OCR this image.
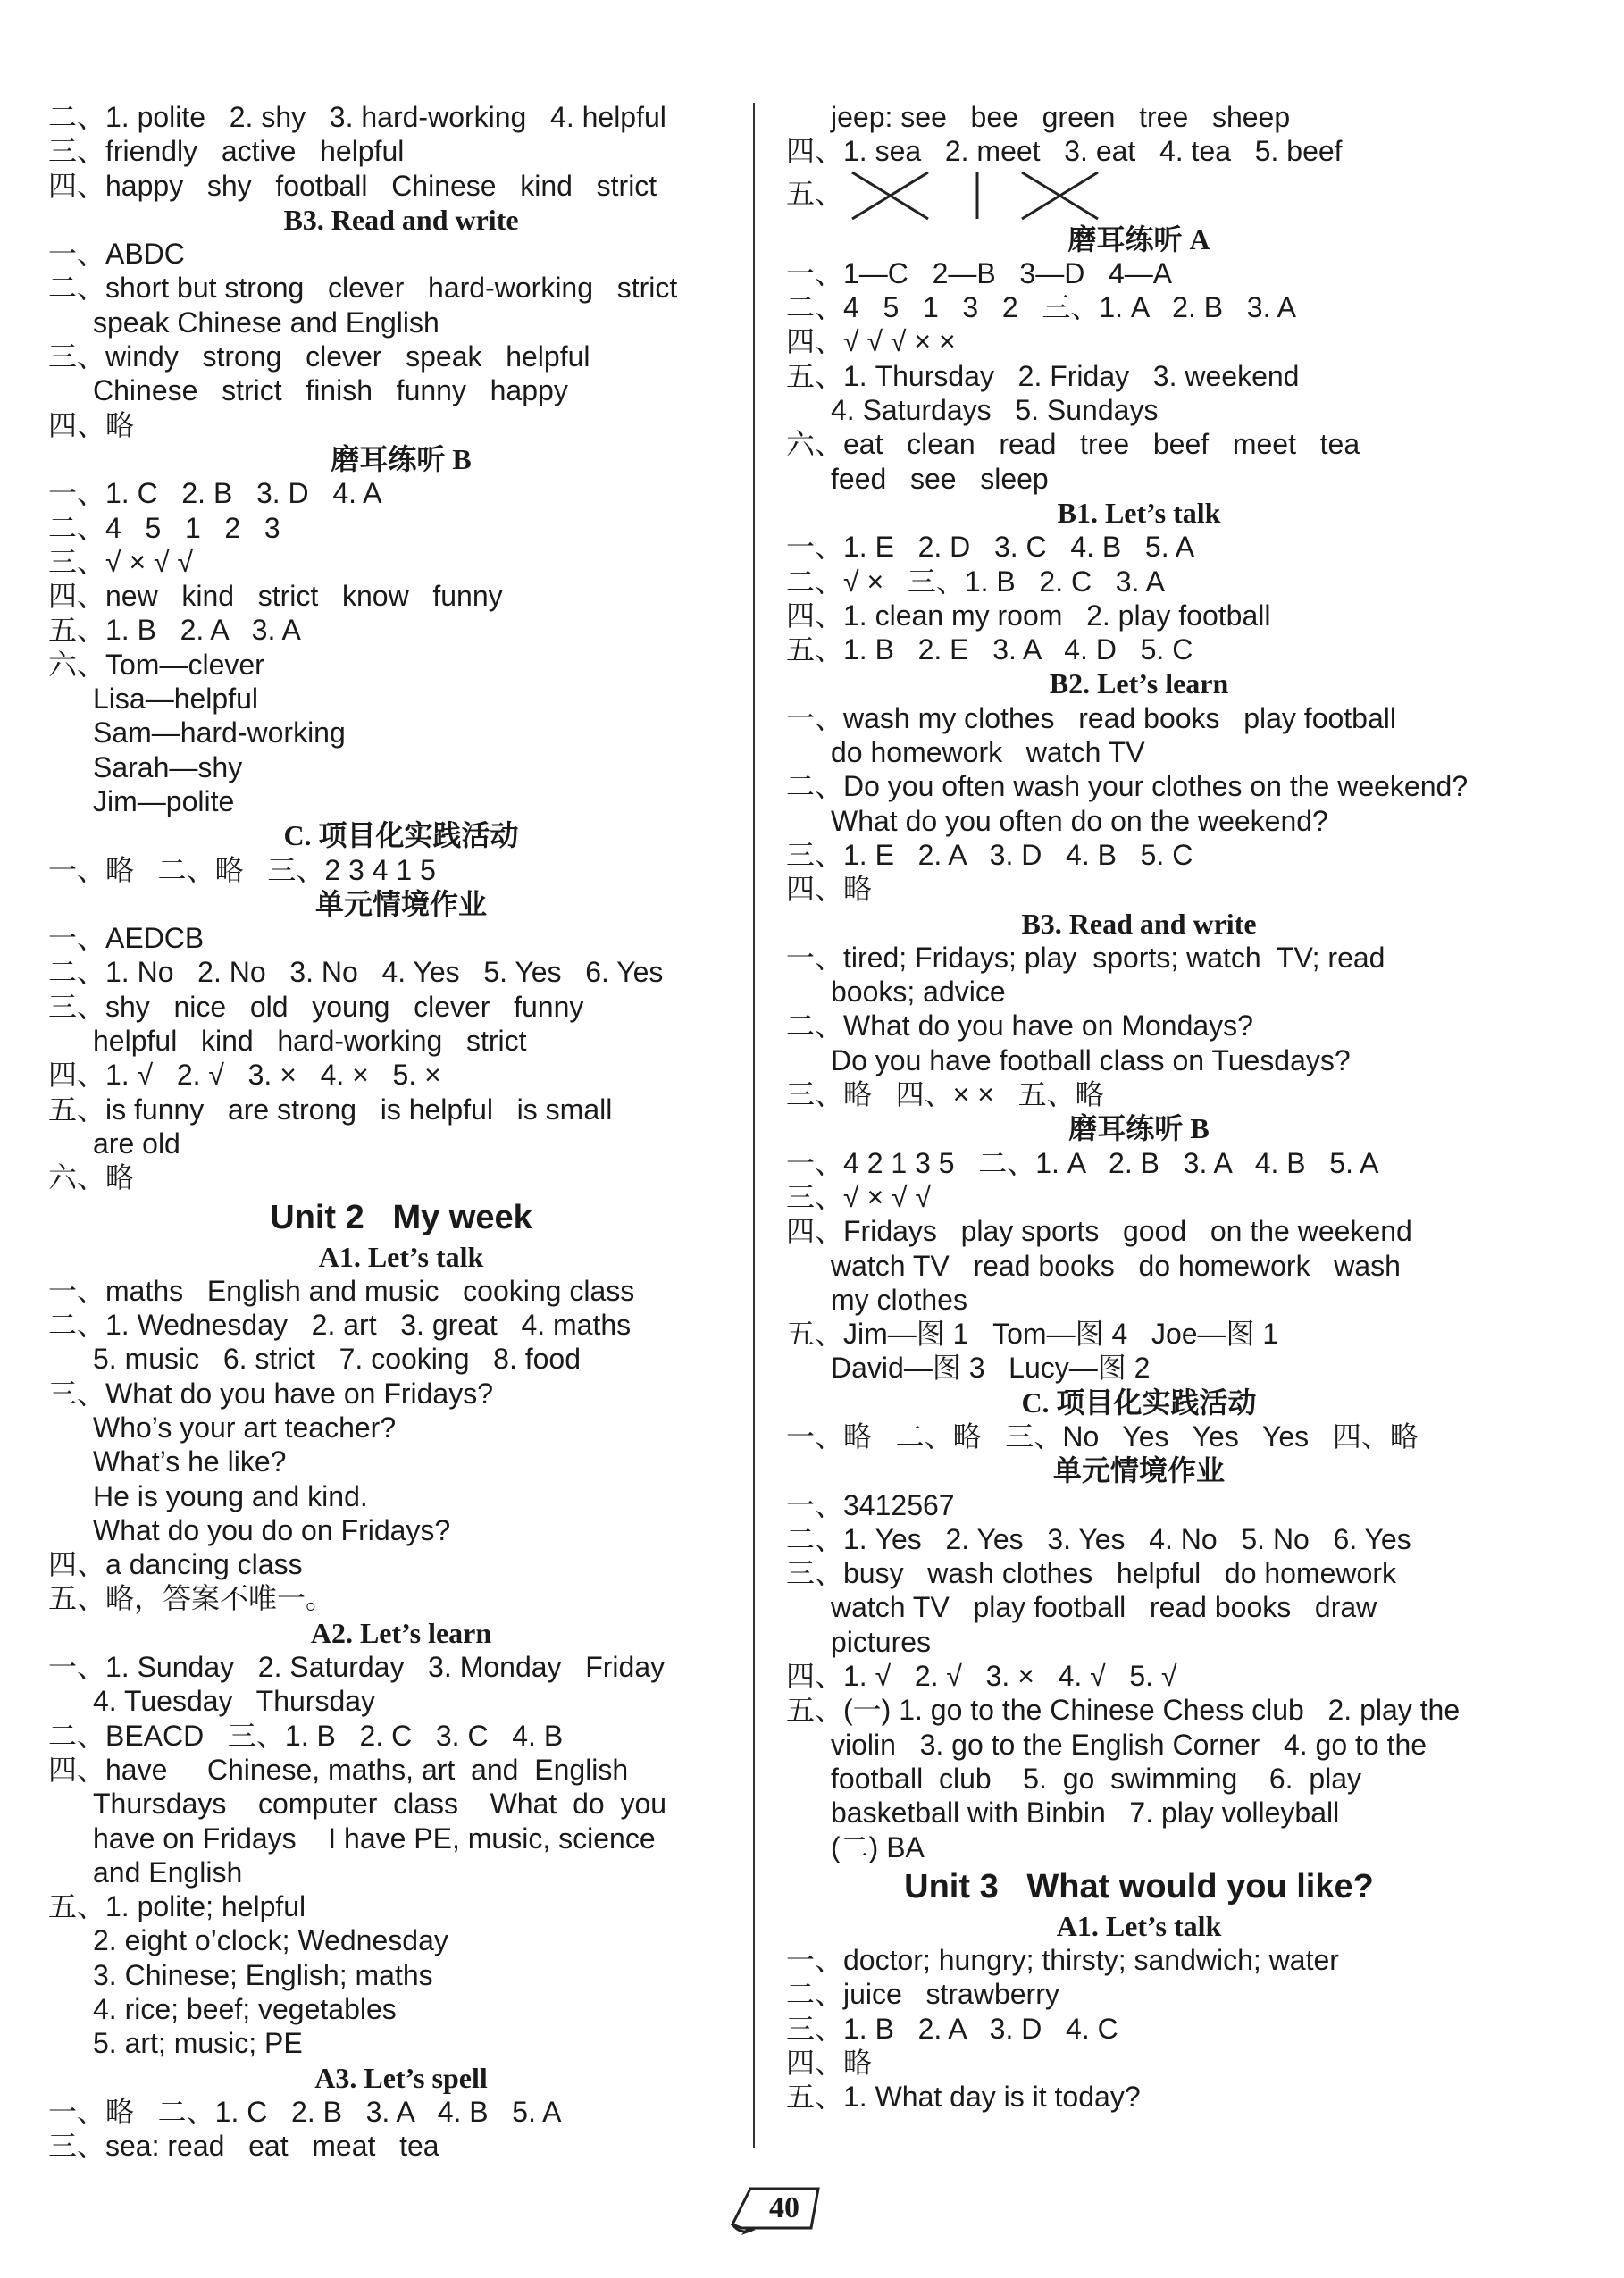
二、1. polite   2. shy   3. hard-working   4. helpful
三、friendly   active   helpful
四、happy   shy   football   Chinese   kind   strict
B3. Read and write
一、ABDC
二、short but strong   clever   hard-working   strict
speak Chinese and English
三、windy   strong   clever   speak   helpful
Chinese   strict   finish   funny   happy
四、略
磨耳练听 B
一、1. C   2. B   3. D   4. A
二、4   5   1   2   3
三、√ × √ √
四、new   kind   strict   know   funny
五、1. B   2. A   3. A
六、Tom—clever
Lisa—helpful
Sam—hard-working
Sarah—shy
Jim—polite
C. 项目化实践活动
一、略   二、略   三、2 3 4 1 5
单元情境作业
一、AEDCB
二、1. No   2. No   3. No   4. Yes   5. Yes   6. Yes
三、shy   nice   old   young   clever   funny
helpful   kind   hard-working   strict
四、1. √   2. √   3. ×   4. ×   5. ×
五、is funny   are strong   is helpful   is small
are old
六、略
Unit 2   My week
A1. Let’s talk
一、maths   English and music   cooking class
二、1. Wednesday   2. art   3. great   4. maths
5. music   6. strict   7. cooking   8. food
三、What do you have on Fridays?
Who’s your art teacher?
What’s he like?
He is young and kind.
What do you do on Fridays?
四、a dancing class
五、略，答案不唯一。
A2. Let’s learn
一、1. Sunday   2. Saturday   3. Monday   Friday
4. Tuesday   Thursday
二、BEACD   三、1. B   2. C   3. C   4. B
四、have     Chinese, maths, art  and  English
Thursdays    computer  class    What  do  you
have on Fridays    I have PE, music, science
and English
五、1. polite; helpful
2. eight o’clock; Wednesday
3. Chinese; English; maths
4. rice; beef; vegetables
5. art; music; PE
A3. Let’s spell
一、略   二、1. C   2. B   3. A   4. B   5. A
三、sea: read   eat   meat   tea
jeep: see   bee   green   tree   sheep
四、1. sea   2. meet   3. eat   4. tea   5. beef
五、
磨耳练听 A
一、1—C   2—B   3—D   4—A
二、4   5   1   3   2   三、1. A   2. B   3. A
四、√ √ √ × ×
五、1. Thursday   2. Friday   3. weekend
4. Saturdays   5. Sundays
六、eat   clean   read   tree   beef   meet   tea
feed   see   sleep
B1. Let’s talk
一、1. E   2. D   3. C   4. B   5. A
二、√ ×   三、1. B   2. C   3. A
四、1. clean my room   2. play football
五、1. B   2. E   3. A   4. D   5. C
B2. Let’s learn
一、wash my clothes   read books   play football
do homework   watch TV
二、Do you often wash your clothes on the weekend?
What do you often do on the weekend?
三、1. E   2. A   3. D   4. B   5. C
四、略
B3. Read and write
一、tired; Fridays; play  sports; watch  TV; read
books; advice
二、What do you have on Mondays?
Do you have football class on Tuesdays?
三、略   四、× ×   五、略
磨耳练听 B
一、4 2 1 3 5   二、1. A   2. B   3. A   4. B   5. A
三、√ × √ √
四、Fridays   play sports   good   on the weekend
watch TV   read books   do homework   wash
my clothes
五、Jim—图 1   Tom—图 4   Joe—图 1
David—图 3   Lucy—图 2
C. 项目化实践活动
一、略   二、略   三、No   Yes   Yes   Yes   四、略
单元情境作业
一、3412567
二、1. Yes   2. Yes   3. Yes   4. No   5. No   6. Yes
三、busy   wash clothes   helpful   do homework
watch TV   play football   read books   draw
pictures
四、1. √   2. √   3. ×   4. √   5. √
五、(一) 1. go to the Chinese Chess club   2. play the
violin   3. go to the English Corner   4. go to the
football  club    5.  go  swimming    6.  play
basketball with Binbin   7. play volleyball
(二) BA
Unit 3   What would you like?
A1. Let’s talk
一、doctor; hungry; thirsty; sandwich; water
二、juice   strawberry
三、1. B   2. A   3. D   4. C
四、略
五、1. What day is it today?
40
